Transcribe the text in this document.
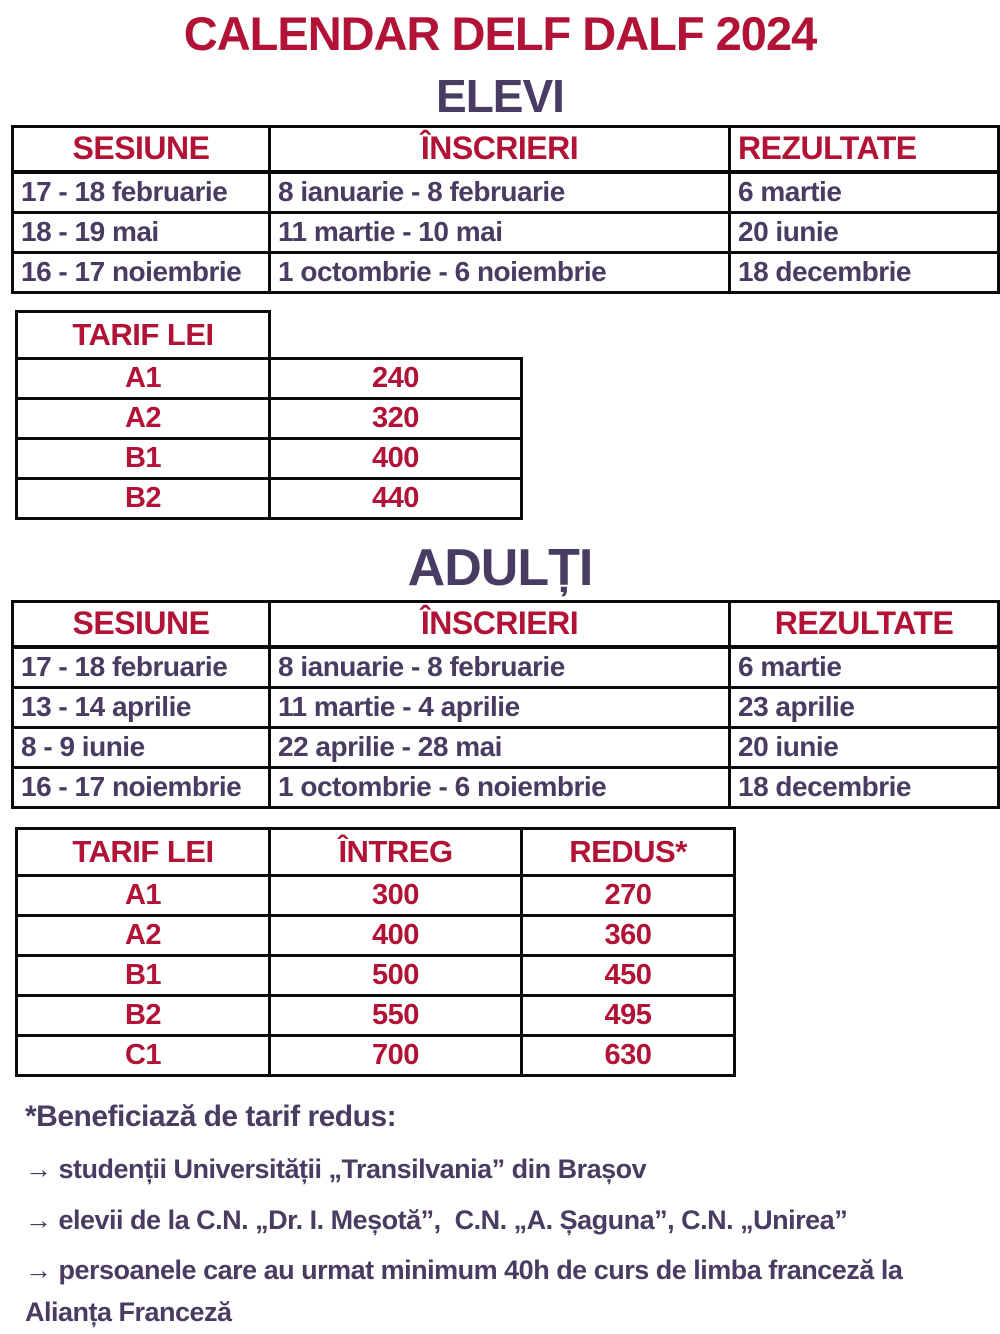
CALENDAR DELF DALF 2024
ELEVI
SESIUNE	ÎNSCRIERI	REZULTATE
17 - 18 februarie	8 ianuarie - 8 februarie	6 martie
18 - 19 mai	11 martie - 10 mai	20 iunie
16 - 17 noiembrie	1 octombrie - 6 noiembrie	18 decembrie
TARIF LEI	
A1	240
A2	320
B1	400
B2	440
ADULȚI
SESIUNE	ÎNSCRIERI	REZULTATE
17 - 18 februarie	8 ianuarie - 8 februarie	6 martie
13 - 14 aprilie	11 martie - 4 aprilie	23 aprilie
8 - 9 iunie	22 aprilie - 28 mai	20 iunie
16 - 17 noiembrie	1 octombrie - 6 noiembrie	18 decembrie
TARIF LEI	ÎNTREG	REDUS*
A1	300	270
A2	400	360
B1	500	450
B2	550	495
C1	700	630

*Beneficiază de tarif redus:

→ studenții Universității „Transilvania” din Brașov

→ elevii de la C.N. „Dr. I. Meșotă”,  C.N. „A. Șaguna”, C.N. „Unirea”

→ persoanele care au urmat minimum 40h de curs de limba franceză la Alianța Franceză
